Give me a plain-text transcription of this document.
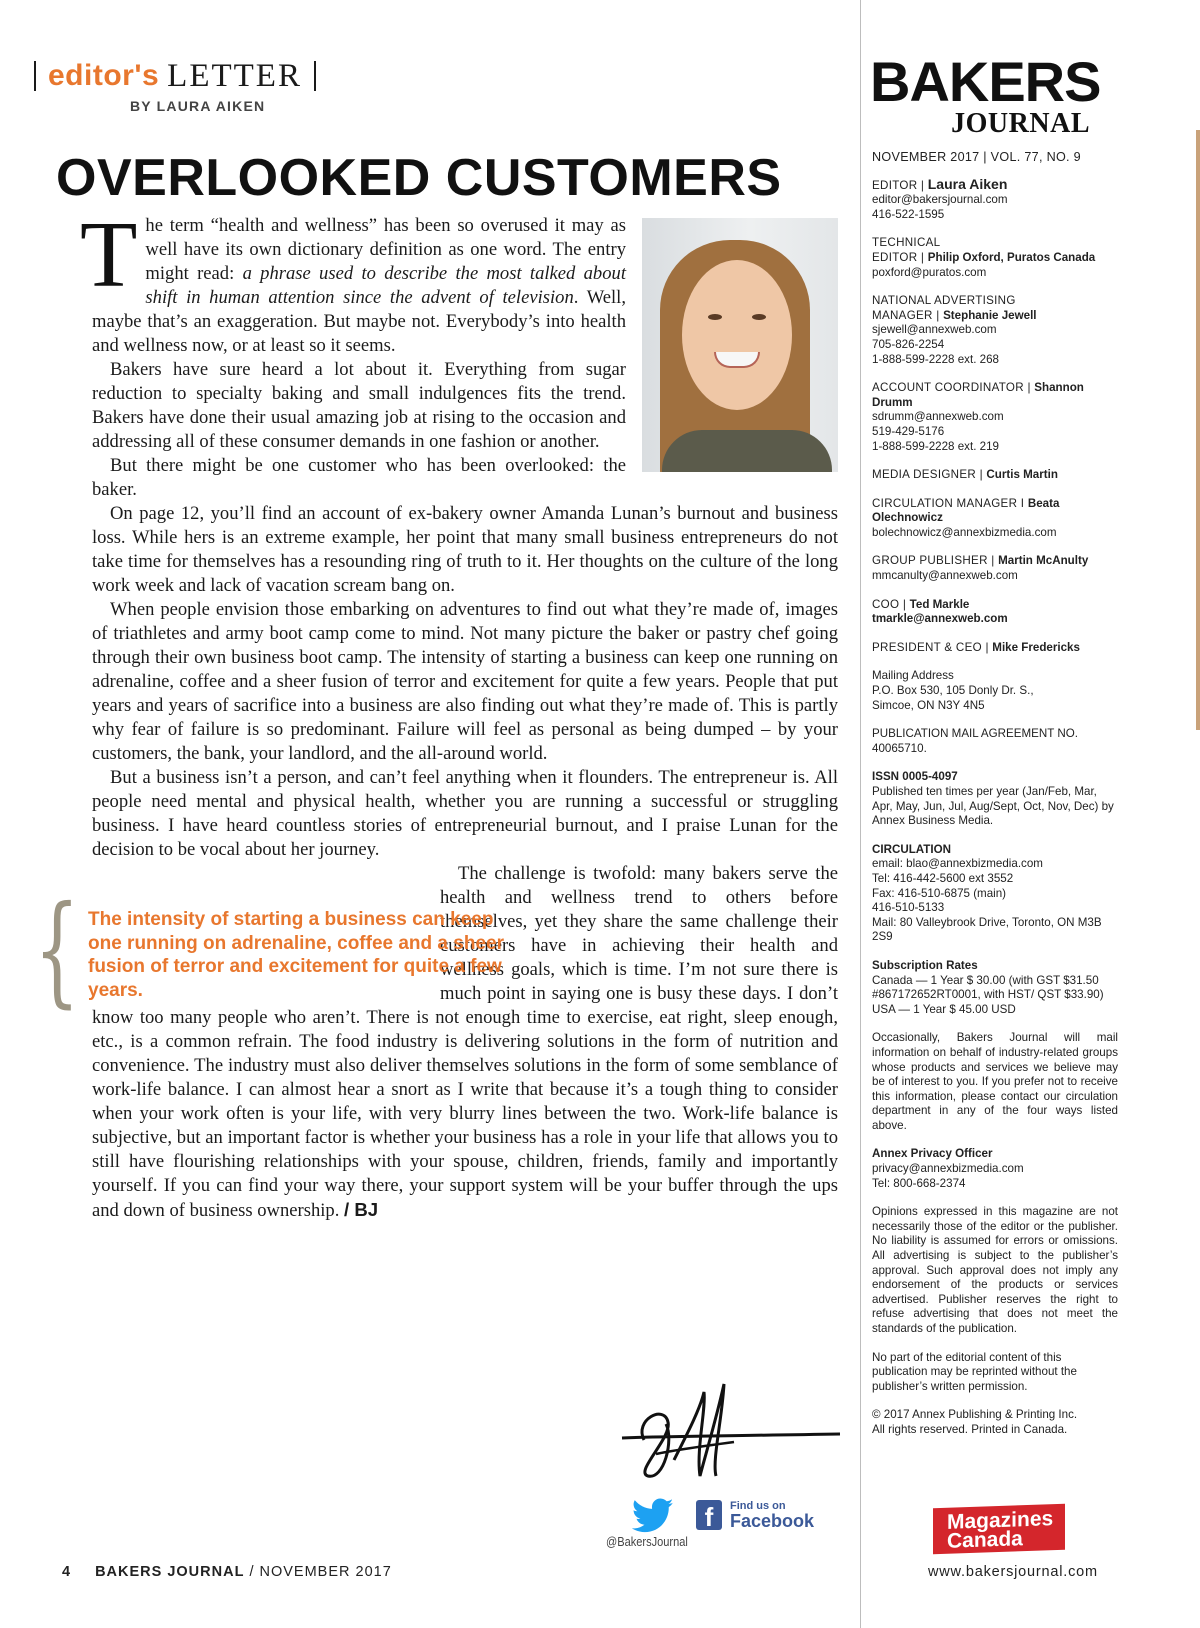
editor's LETTER
BY LAURA AIKEN
OVERLOOKED CUSTOMERS

The term “health and wellness” has been so overused it may as well have its own dictionary definition as one word. The entry might read: a phrase used to describe the most talked about shift in human attention since the advent of television. Well, maybe that’s an exaggeration. But maybe not. Everybody’s into health and wellness now, or at least so it seems.

Bakers have sure heard a lot about it. Everything from sugar reduction to specialty baking and small indulgences fits the trend. Bakers have done their usual amazing job at rising to the occasion and addressing all of these consumer demands in one fashion or another.

But there might be one customer who has been overlooked: the baker.

On page 12, you’ll find an account of ex-bakery owner Amanda Lunan’s burnout and business loss. While hers is an extreme example, her point that many small business entrepreneurs do not take time for themselves has a resounding ring of truth to it. Her thoughts on the culture of the long work week and lack of vacation scream bang on.

When people envision those embarking on adventures to find out what they’re made of, images of triathletes and army boot camp come to mind. Not many picture the baker or pastry chef going through their own business boot camp. The intensity of starting a business can keep one running on adrenaline, coffee and a sheer fusion of terror and excitement for quite a few years. People that put years and years of sacrifice into a business are also finding out what they’re made of. This is partly why fear of failure is so predominant. Failure will feel as personal as being dumped – by your customers, the bank, your landlord, and the all-around world.

But a business isn’t a person, and can’t feel anything when it flounders. The entrepreneur is. All people need mental and physical health, whether you are running a successful or struggling business. I have heard countless stories of entrepreneurial burnout, and I praise Lunan for the decision to be vocal about her journey.

The challenge is twofold: many bakers serve the health and wellness trend to others before themselves, yet they share the same challenge their customers have in achieving their health and wellness goals, which is time. I’m not sure there is much point in saying one is busy these days. I don’t know too many people who aren’t. There is not enough time to exercise, eat right, sleep enough, etc., is a common refrain. The food industry is delivering solutions in the form of nutrition and convenience. The industry must also deliver themselves solutions in the form of some semblance of work-life balance. I can almost hear a snort as I write that because it’s a tough thing to consider when your work often is your life, with very blurry lines between the two. Work-life balance is subjective, but an important factor is whether your business has a role in your life that allows you to still have flourishing relationships with your spouse, children, friends, family and importantly yourself. If you can find your way there, your support system will be your buffer through the ups and down of business ownership. / BJ

{ The intensity of starting a business can keep one running on adrenaline, coffee and a sheer fusion of terror and excitement for quite a few years.
@BakersJournal
f	Find us on
Facebook
4 BAKERS JOURNAL / NOVEMBER 2017	www.bakersjournal.com
BAKERS
JOURNAL
NOVEMBER 2017 | VOL. 77, NO. 9
EDITOR | Laura Aiken
editor@bakersjournal.com
416-522-1595
TECHNICAL
EDITOR | Philip Oxford, Puratos Canada
poxford@puratos.com
NATIONAL ADVERTISING
MANAGER | Stephanie Jewell
sjewell@annexweb.com
705-826-2254
1-888-599-2228 ext. 268
ACCOUNT COORDINATOR | Shannon Drumm
sdrumm@annexweb.com
519-429-5176
1-888-599-2228 ext. 219
MEDIA DESIGNER | Curtis Martin
CIRCULATION MANAGER I Beata Olechnowicz
bolechnowicz@annexbizmedia.com
GROUP PUBLISHER | Martin McAnulty
mmcanulty@annexweb.com
COO | Ted Markle
tmarkle@annexweb.com
PRESIDENT & CEO | Mike Fredericks
Mailing Address
P.O. Box 530, 105 Donly Dr. S.,
Simcoe, ON N3Y 4N5
PUBLICATION MAIL AGREEMENT NO. 40065710.
ISSN 0005-4097
Published ten times per year (Jan/Feb, Mar, Apr, May, Jun, Jul, Aug/Sept, Oct, Nov, Dec) by Annex Business Media.
CIRCULATION
email: blao@annexbizmedia.com
Tel: 416-442-5600 ext 3552
Fax: 416-510-6875 (main)
416-510-5133
Mail: 80 Valleybrook Drive, Toronto, ON M3B 2S9
Subscription Rates
Canada — 1 Year $ 30.00 (with GST $31.50 #867172652RT0001, with HST/ QST $33.90)
USA — 1 Year $ 45.00 USD
Occasionally, Bakers Journal will mail information on behalf of industry-related groups whose products and services we believe may be of interest to you. If you prefer not to receive this information, please contact our circulation department in any of the four ways listed above.
Annex Privacy Officer
privacy@annexbizmedia.com
Tel: 800-668-2374
Opinions expressed in this magazine are not necessarily those of the editor or the publisher. No liability is assumed for errors or omissions. All advertising is subject to the publisher’s approval. Such approval does not imply any endorsement of the products or services advertised. Publisher reserves the right to refuse advertising that does not meet the standards of the publication.
No part of the editorial content of this publication may be reprinted without the publisher’s written permission.
© 2017 Annex Publishing & Printing Inc.
All rights reserved. Printed in Canada.
Magazines
Canada
